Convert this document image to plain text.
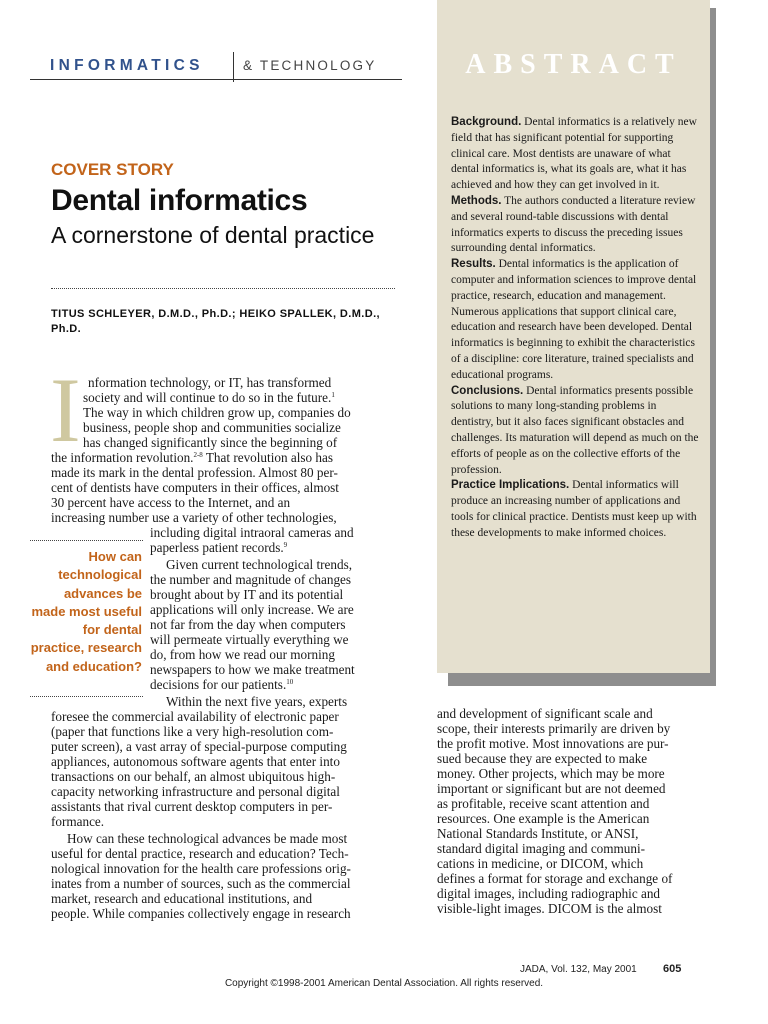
INFORMATICS	& TECHNOLOGY	ABSTRACT

Background. Dental informatics is a relatively new field that has significant potential for supporting clinical care. Most dentists are unaware of what dental informatics is, what its goals are, what it has achieved and how they can get involved in it.

Methods. The authors conducted a literature review and several round-table discussions with dental informatics experts to discuss the preceding issues surrounding dental informatics.

Results. Dental informatics is the application of computer and information sciences to improve dental practice, research, education and management. Numerous applications that support clinical care, education and research have been developed. Dental informatics is beginning to exhibit the characteristics of a discipline: core literature, trained specialists and educational programs.

Conclusions. Dental informatics presents possible solutions to many long-standing problems in dentistry, but it also faces significant obstacles and challenges. Its maturation will depend as much on the efforts of people as on the collective efforts of the profession.

Practice Implications. Dental informatics will produce an increasing number of applications and tools for clinical practice. Dentists must keep up with these developments to make informed choices.

COVER STORY
Dental informatics
A cornerstone of dental practice
TITUS SCHLEYER, D.M.D., Ph.D.; HEIKO SPALLEK, D.M.D., Ph.D.
I
How can technological advances be made most useful for dental practice, research and education?
nformation technology, or IT, has transformed
society and will continue to do so in the future.$^1$
The way in which children grow up, companies do
business, people shop and communities socialize
has changed significantly since the beginning of
the information revolution.$^{2-8}$ That revolution also has
made its mark in the dental profession. Almost 80 per-
cent of dentists have computers in their offices, almost
30 percent have access to the Internet, and an
increasing number use a variety of other technologies,
including digital intraoral cameras and
paperless patient records.$^9$
Given current technological trends,
the number and magnitude of changes
brought about by IT and its potential
applications will only increase. We are
not far from the day when computers
will permeate virtually everything we
do, from how we read our morning
newspapers to how we make treatment
decisions for our patients.$^{10}$
Within the next five years, experts
foresee the commercial availability of electronic paper
(paper that functions like a very high-resolution com-
puter screen), a vast array of special-purpose computing
appliances, autonomous software agents that enter into
transactions on our behalf, an almost ubiquitous high-
capacity networking infrastructure and personal digital
assistants that rival current desktop computers in per-
formance.
How can these technological advances be made most
useful for dental practice, research and education? Tech-
nological innovation for the health care professions orig-
inates from a number of sources, such as the commercial
market, research and educational institutions, and
people. While companies collectively engage in research
and development of significant scale and
scope, their interests primarily are driven by
the profit motive. Most innovations are pur-
sued because they are expected to make
money. Other projects, which may be more
important or significant but are not deemed
as profitable, receive scant attention and
resources. One example is the American
National Standards Institute, or ANSI,
standard digital imaging and communi-
cations in medicine, or DICOM, which
defines a format for storage and exchange of
digital images, including radiographic and
visible-light images. DICOM is the almost
JADA, Vol. 132, May 2001 605
Copyright ©1998-2001 American Dental Association. All rights reserved.
